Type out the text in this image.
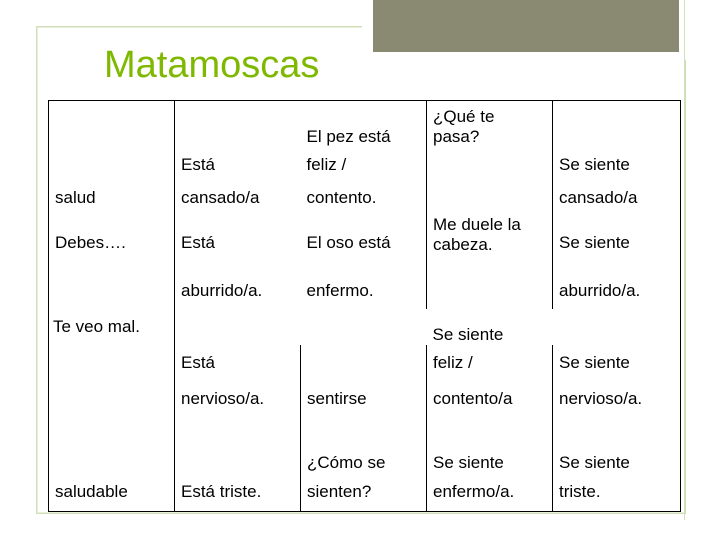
Matamoscas
		El pez está	¿Qué te pasa?	

	Está	feliz /		Se siente
salud	cansado/a	contento.		cansado/a
Debes….	Está	El oso está	Me duele la cabeza.	Se siente
	aburrido/a.	enfermo.		aburrido/a.
Te veo mal.			Se siente	
	Está		feliz /	Se siente
	nervioso/a.	sentirse	contento/a	nervioso/a.
		¿Cómo se	Se siente	Se siente
saludable	Está triste.	sienten?	enfermo/a.	triste.
